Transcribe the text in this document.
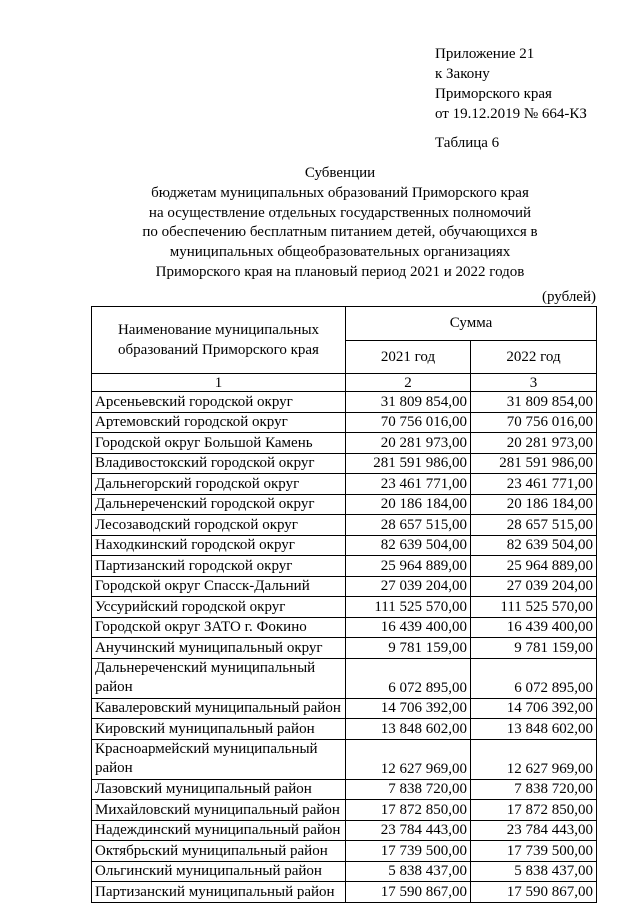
Приложение 21
к Закону
Приморского края
от 19.12.2019 № 664-КЗ
Таблица 6
Субвенции
бюджетам муниципальных образований Приморского края
на осуществление отдельных государственных полномочий
по обеспечению бесплатным питанием детей, обучающихся в
муниципальных общеобразовательных организациях
Приморского края на плановый период 2021 и 2022 годов
(рублей)
Наименование муниципальных образований Приморского края	Сумма	
	2021 год	2022 год
1	2	3
Арсеньевский городской округ	31 809 854,00	31 809 854,00
Артемовский городской округ	70 756 016,00	70 756 016,00
Городской округ Большой Камень	20 281 973,00	20 281 973,00
Владивостокский городской округ	281 591 986,00	281 591 986,00
Дальнегорский городской округ	23 461 771,00	23 461 771,00
Дальнереченский городской округ	20 186 184,00	20 186 184,00
Лесозаводский городской округ	28 657 515,00	28 657 515,00
Находкинский городской округ	82 639 504,00	82 639 504,00
Партизанский городской округ	25 964 889,00	25 964 889,00
Городской округ Спасск-Дальний	27 039 204,00	27 039 204,00
Уссурийский городской округ	111 525 570,00	111 525 570,00
Городской округ ЗАТО г. Фокино	16 439 400,00	16 439 400,00
Анучинский муниципальный округ	9 781 159,00	9 781 159,00
Дальнереченский муниципальный район	6 072 895,00	6 072 895,00
Кавалеровский муниципальный район	14 706 392,00	14 706 392,00
Кировский муниципальный район	13 848 602,00	13 848 602,00
Красноармейский муниципальный район	12 627 969,00	12 627 969,00
Лазовский муниципальный район	7 838 720,00	7 838 720,00
Михайловский муниципальный район	17 872 850,00	17 872 850,00
Надеждинский муниципальный район	23 784 443,00	23 784 443,00
Октябрьский муниципальный район	17 739 500,00	17 739 500,00
Ольгинский муниципальный район	5 838 437,00	5 838 437,00
Партизанский муниципальный район	17 590 867,00	17 590 867,00
